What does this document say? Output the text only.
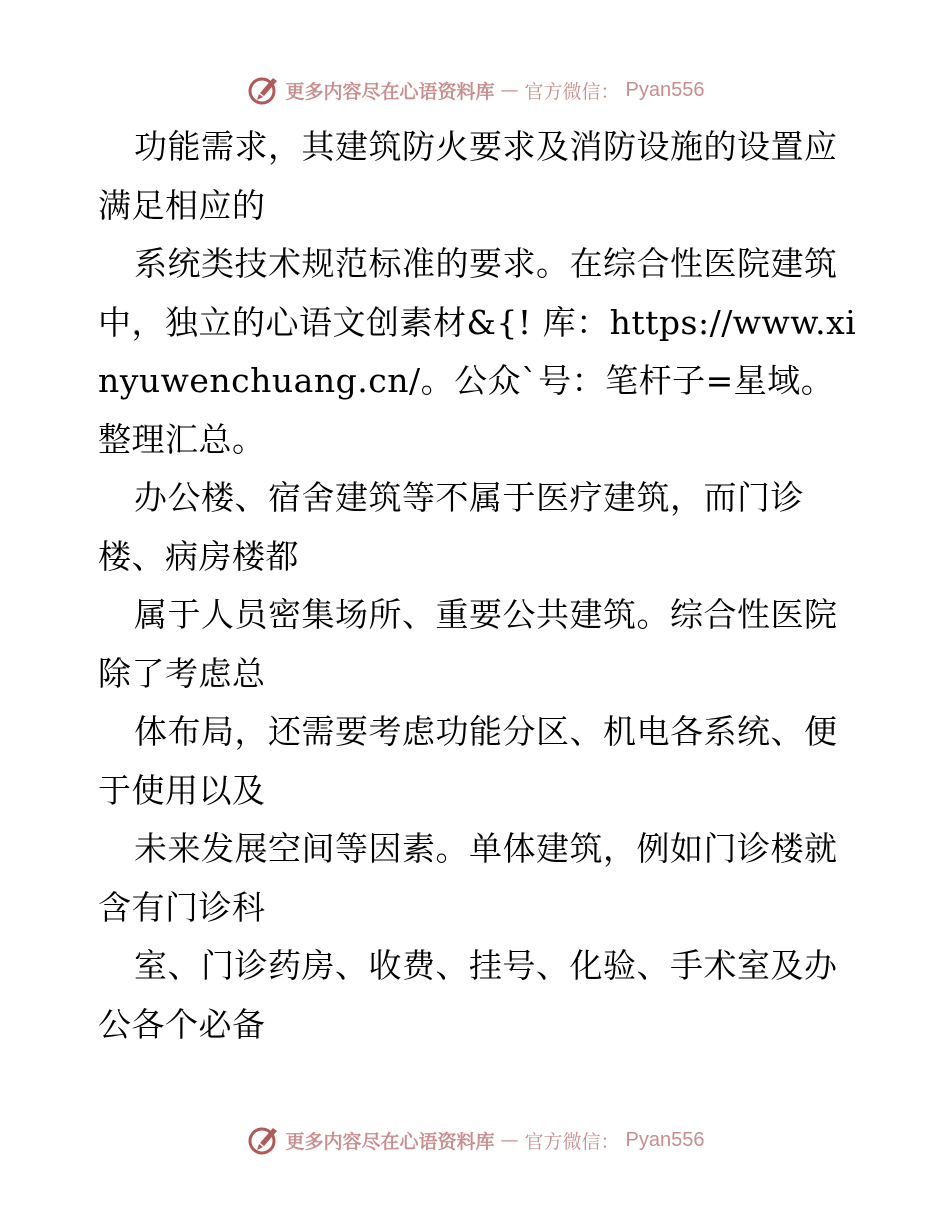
更多内容尽在心语资料库 — 官方微信： Pyan556

功能需求，其建筑防火要求及消防设施的设置应满足相应的

系统类技术规范标准的要求。在综合性医院建筑中，独立的心语文创素材&{! 库：https://www.xinyuwenchuang.cn/。公众`号：笔杆子=星域。整理汇总。

办公楼、宿舍建筑等不属于医疗建筑，而门诊楼、病房楼都

属于人员密集场所、重要公共建筑。综合性医院除了考虑总

体布局，还需要考虑功能分区、机电各系统、便于使用以及

未来发展空间等因素。单体建筑，例如门诊楼就含有门诊科

室、门诊药房、收费、挂号、化验、手术室及办公各个必备

更多内容尽在心语资料库 — 官方微信： Pyan556
